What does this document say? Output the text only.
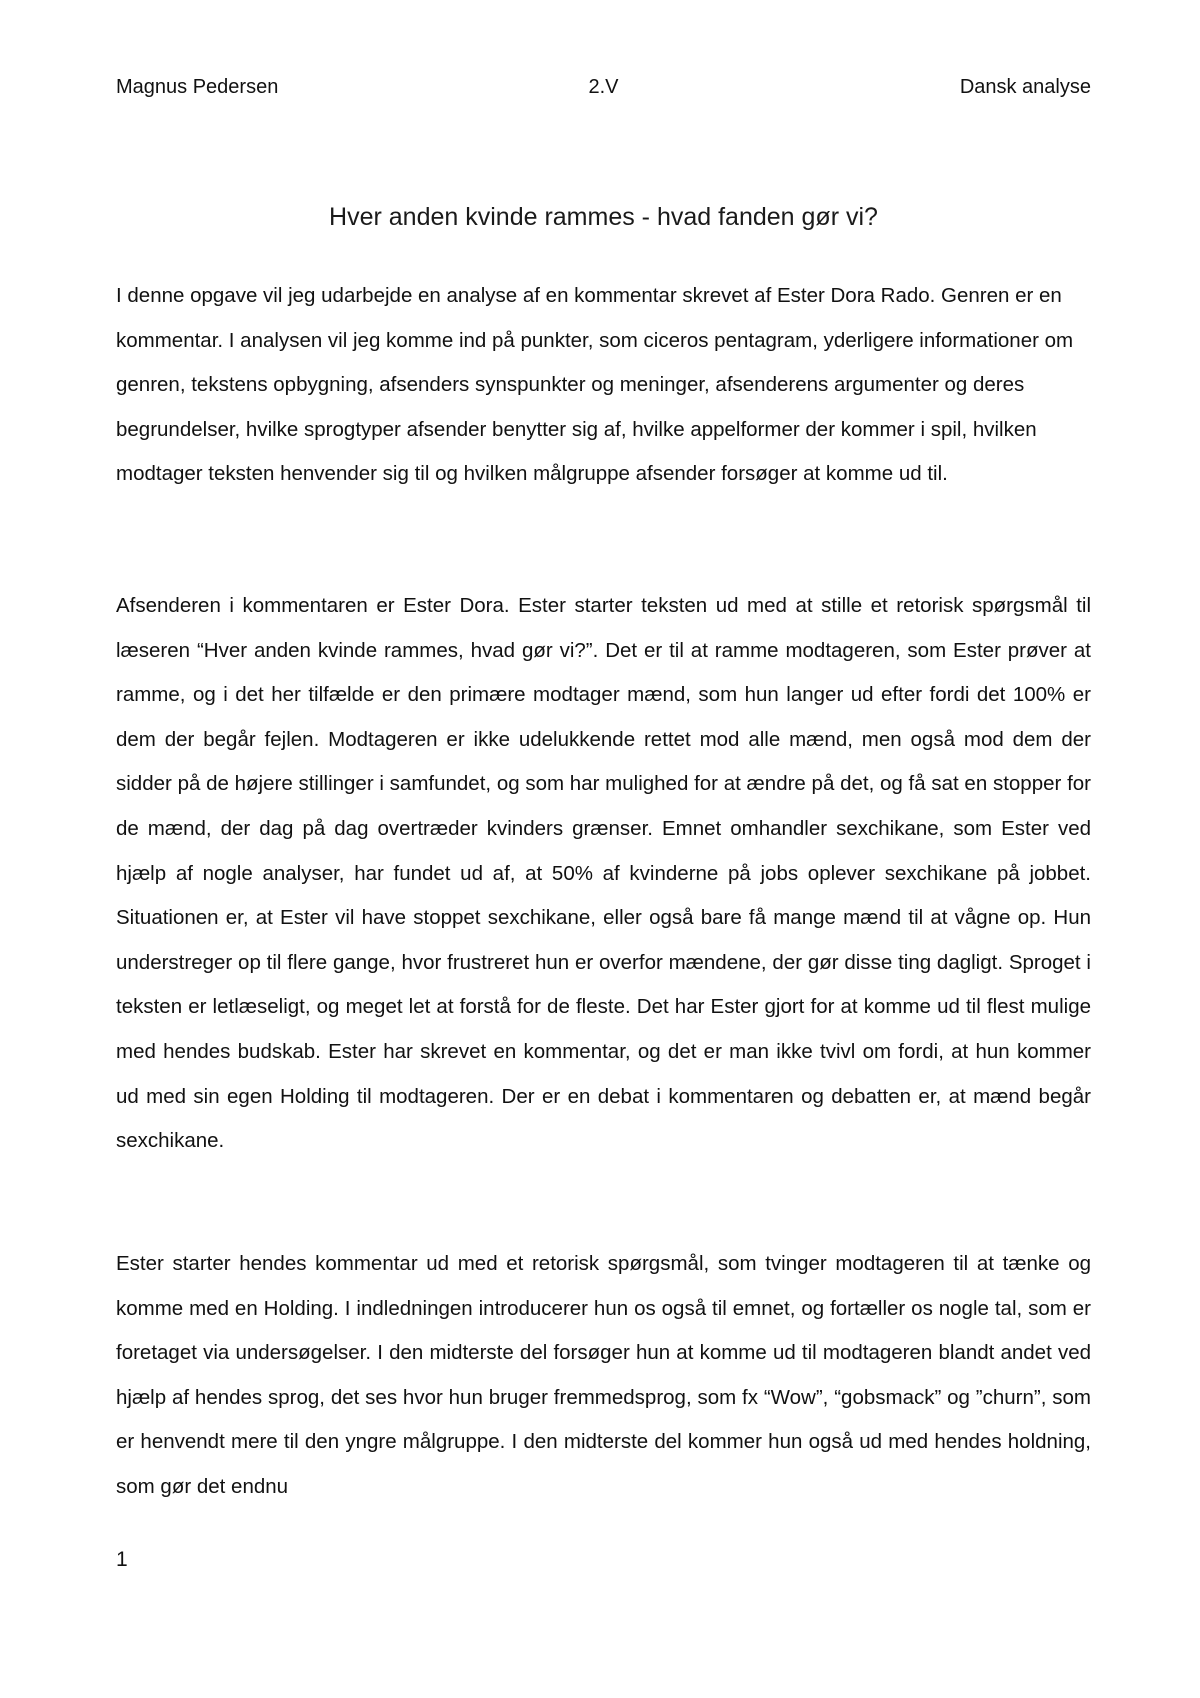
Magnus Pedersen	2.V	Dansk analyse
Hver anden kvinde rammes - hvad fanden gør vi?

I denne opgave vil jeg udarbejde en analyse af en kommentar skrevet af Ester Dora Rado. Genren er en kommentar. I analysen vil jeg komme ind på punkter, som ciceros pentagram, yderligere informationer om genren, tekstens opbygning, afsenders synspunkter og meninger, afsenderens argumenter og deres begrundelser, hvilke sprogtyper afsender benytter sig af, hvilke appelformer der kommer i spil, hvilken modtager teksten henvender sig til og hvilken målgruppe afsender forsøger at komme ud til.

Afsenderen i kommentaren er Ester Dora. Ester starter teksten ud med at stille et retorisk spørgsmål til læseren “Hver anden kvinde rammes, hvad gør vi?”. Det er til at ramme modtageren, som Ester prøver at ramme, og i det her tilfælde er den primære modtager mænd, som hun langer ud efter fordi det 100% er dem der begår fejlen. Modtageren er ikke udelukkende rettet mod alle mænd, men også mod dem der sidder på de højere stillinger i samfundet, og som har mulighed for at ændre på det, og få sat en stopper for de mænd, der dag på dag overtræder kvinders grænser. Emnet omhandler sexchikane, som Ester ved hjælp af nogle analyser, har fundet ud af, at 50% af kvinderne på jobs oplever sexchikane på jobbet. Situationen er, at Ester vil have stoppet sexchikane, eller også bare få mange mænd til at vågne op. Hun understreger op til flere gange, hvor frustreret hun er overfor mændene, der gør disse ting dagligt. Sproget i teksten er letlæseligt, og meget let at forstå for de fleste. Det har Ester gjort for at komme ud til flest mulige med hendes budskab. Ester har skrevet en kommentar, og det er man ikke tvivl om fordi, at hun kommer ud med sin egen Holding til modtageren. Der er en debat i kommentaren og debatten er, at mænd begår sexchikane.

Ester starter hendes kommentar ud med et retorisk spørgsmål, som tvinger modtageren til at tænke og komme med en Holding. I indledningen introducerer hun os også til emnet, og fortæller os nogle tal, som er foretaget via undersøgelser. I den midterste del forsøger hun at komme ud til modtageren blandt andet ved hjælp af hendes sprog, det ses hvor hun bruger fremmedsprog, som fx “Wow”, “gobsmack” og ”churn”, som er henvendt mere til den yngre målgruppe. I den midterste del kommer hun også ud med hendes holdning, som gør det endnu

1
